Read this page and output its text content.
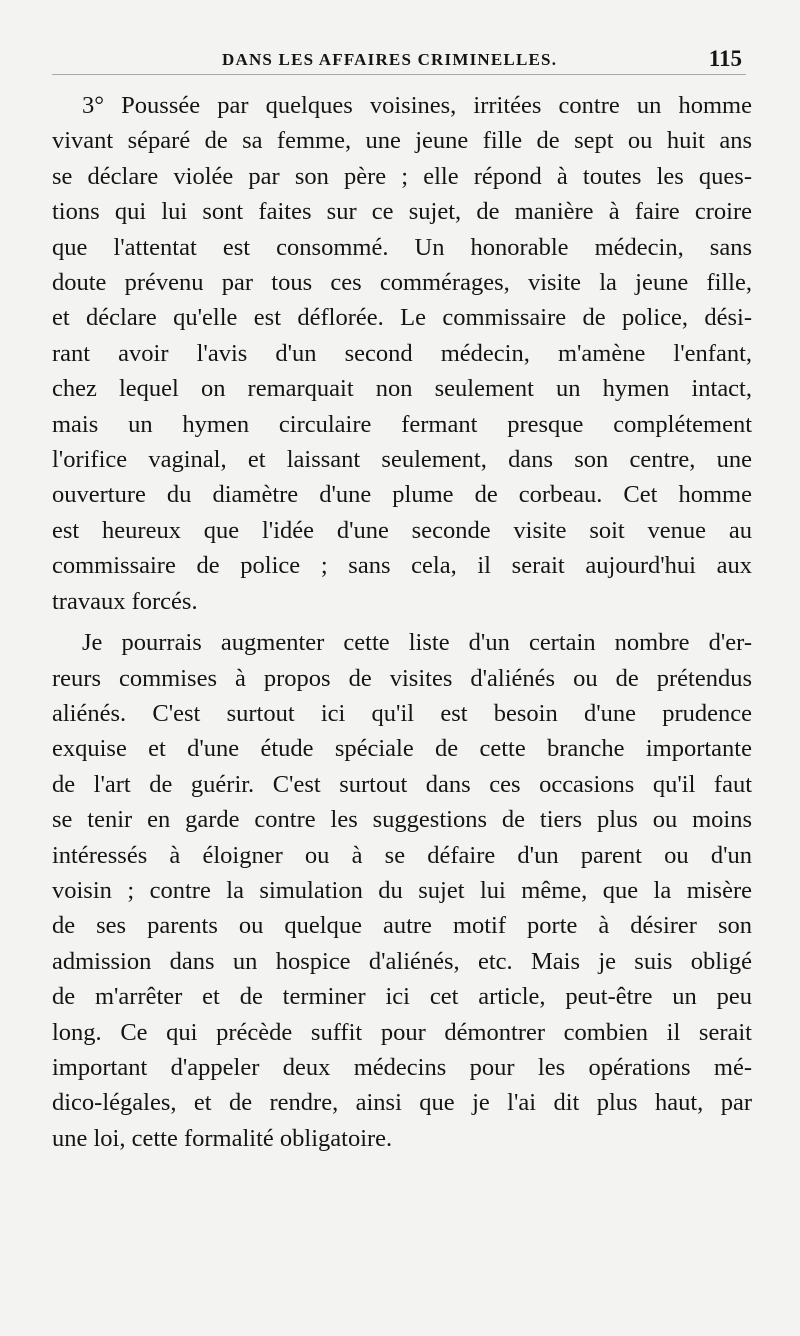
DANS LES AFFAIRES CRIMINELLES.	115

3° Poussée par quelques voisines, irritées contre un homme
vivant séparé de sa femme, une jeune fille de sept ou huit ans
se déclare violée par son père ; elle répond à toutes les ques-
tions qui lui sont faites sur ce sujet, de manière à faire croire
que l'attentat est consommé. Un honorable médecin, sans
doute prévenu par tous ces commérages, visite la jeune fille,
et déclare qu'elle est déflorée. Le commissaire de police, dési-
rant avoir l'avis d'un second médecin, m'amène l'enfant,
chez lequel on remarquait non seulement un hymen intact,
mais un hymen circulaire fermant presque complétement
l'orifice vaginal, et laissant seulement, dans son centre, une
ouverture du diamètre d'une plume de corbeau. Cet homme
est heureux que l'idée d'une seconde visite soit venue au
commissaire de police ; sans cela, il serait aujourd'hui aux
travaux forcés.

Je pourrais augmenter cette liste d'un certain nombre d'er-
reurs commises à propos de visites d'aliénés ou de prétendus
aliénés. C'est surtout ici qu'il est besoin d'une prudence
exquise et d'une étude spéciale de cette branche importante
de l'art de guérir. C'est surtout dans ces occasions qu'il faut
se tenir en garde contre les suggestions de tiers plus ou moins
intéressés à éloigner ou à se défaire d'un parent ou d'un
voisin ; contre la simulation du sujet lui même, que la misère
de ses parents ou quelque autre motif porte à désirer son
admission dans un hospice d'aliénés, etc. Mais je suis obligé
de m'arrêter et de terminer ici cet article, peut-être un peu
long. Ce qui précède suffit pour démontrer combien il serait
important d'appeler deux médecins pour les opérations mé-
dico-légales, et de rendre, ainsi que je l'ai dit plus haut, par
une loi, cette formalité obligatoire.
